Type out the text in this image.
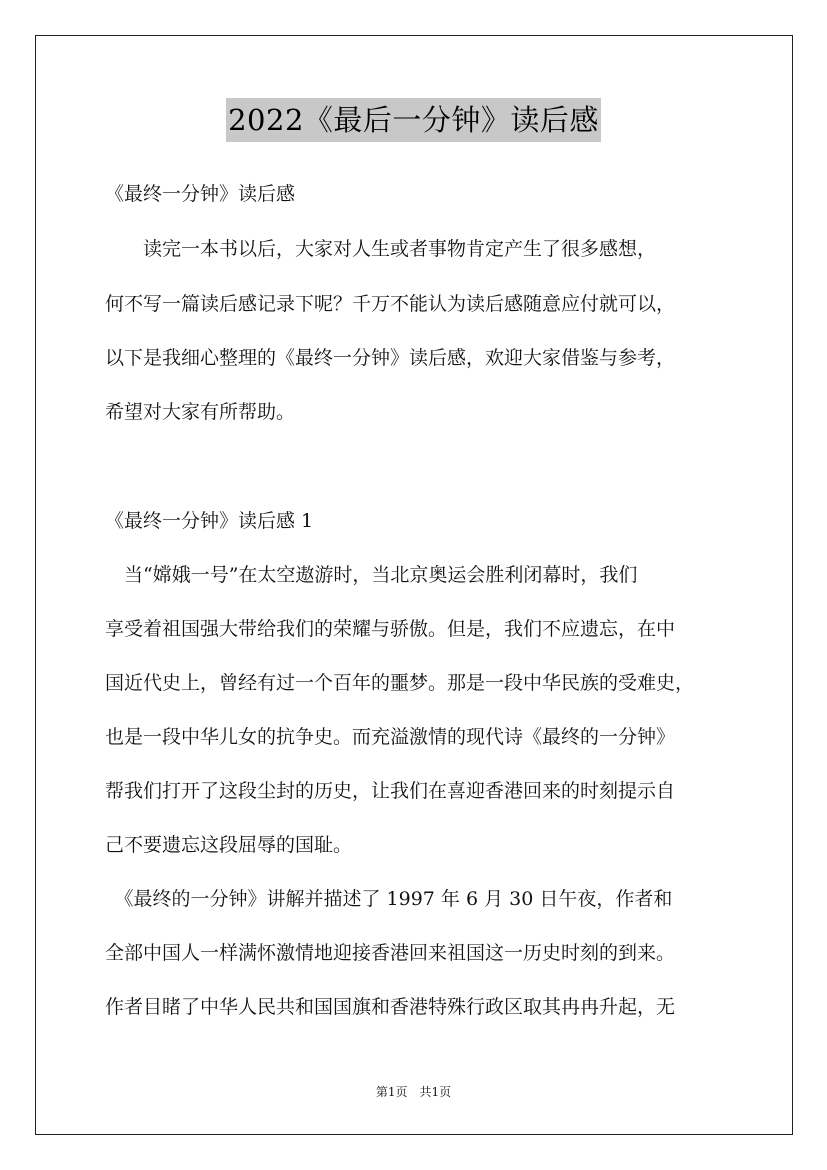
2022《最后一分钟》读后感
《最终一分钟》读后感
　　读完一本书以后，大家对人生或者事物肯定产生了很多感想，
何不写一篇读后感记录下呢？千万不能认为读后感随意应付就可以，
以下是我细心整理的《最终一分钟》读后感，欢迎大家借鉴与参考，
希望对大家有所帮助。
《最终一分钟》读后感 1
　当“嫦娥一号”在太空遨游时，当北京奥运会胜利闭幕时，我们
享受着祖国强大带给我们的荣耀与骄傲。但是，我们不应遗忘，在中
国近代史上，曾经有过一个百年的噩梦。那是一段中华民族的受难史，
也是一段中华儿女的抗争史。而充溢激情的现代诗《最终的一分钟》
帮我们打开了这段尘封的历史，让我们在喜迎香港回来的时刻提示自
己不要遗忘这段屈辱的国耻。
　《最终的一分钟》讲解并描述了 1997 年 6 月 30 日午夜，作者和
全部中国人一样满怀激情地迎接香港回来祖国这一历史时刻的到来。
作者目睹了中华人民共和国国旗和香港特殊行政区取其冉冉升起，无
第1页　共1页
